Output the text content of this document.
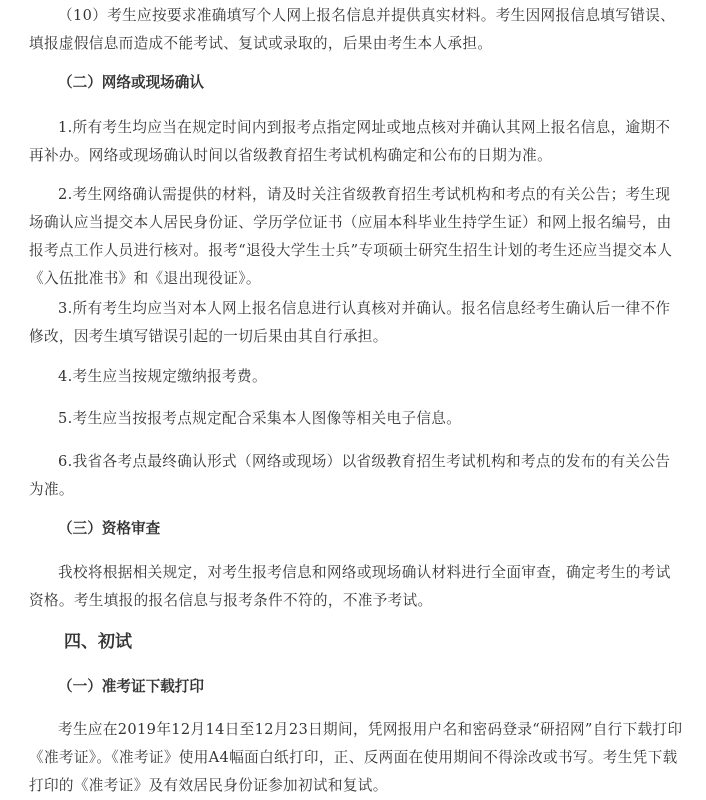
（10）考生应按要求准确填写个人网上报名信息并提供真实材料。考生因网报信息填写错误、填报虚假信息而造成不能考试、复试或录取的，后果由考生本人承担。

（二）网络或现场确认

1.所有考生均应当在规定时间内到报考点指定网址或地点核对并确认其网上报名信息，逾期不再补办。网络或现场确认时间以省级教育招生考试机构确定和公布的日期为准。

2.考生网络确认需提供的材料，请及时关注省级教育招生考试机构和考点的有关公告；考生现场确认应当提交本人居民身份证、学历学位证书（应届本科毕业生持学生证）和网上报名编号，由报考点工作人员进行核对。报考“退役大学生士兵”专项硕士研究生招生计划的考生还应当提交本人《入伍批准书》和《退出现役证》。

3.所有考生均应当对本人网上报名信息进行认真核对并确认。报名信息经考生确认后一律不作修改，因考生填写错误引起的一切后果由其自行承担。

4.考生应当按规定缴纳报考费。

5.考生应当按报考点规定配合采集本人图像等相关电子信息。

6.我省各考点最终确认形式（网络或现场）以省级教育招生考试机构和考点的发布的有关公告为准。

（三）资格审查

我校将根据相关规定，对考生报考信息和网络或现场确认材料进行全面审查，确定考生的考试资格。考生填报的报名信息与报考条件不符的，不准予考试。

四、初试

（一）准考证下载打印

考生应在2019年12月14日至12月23日期间，凭网报用户名和密码登录“研招网”自行下载打印《准考证》。《准考证》使用A4幅面白纸打印，正、反两面在使用期间不得涂改或书写。考生凭下载打印的《准考证》及有效居民身份证参加初试和复试。
